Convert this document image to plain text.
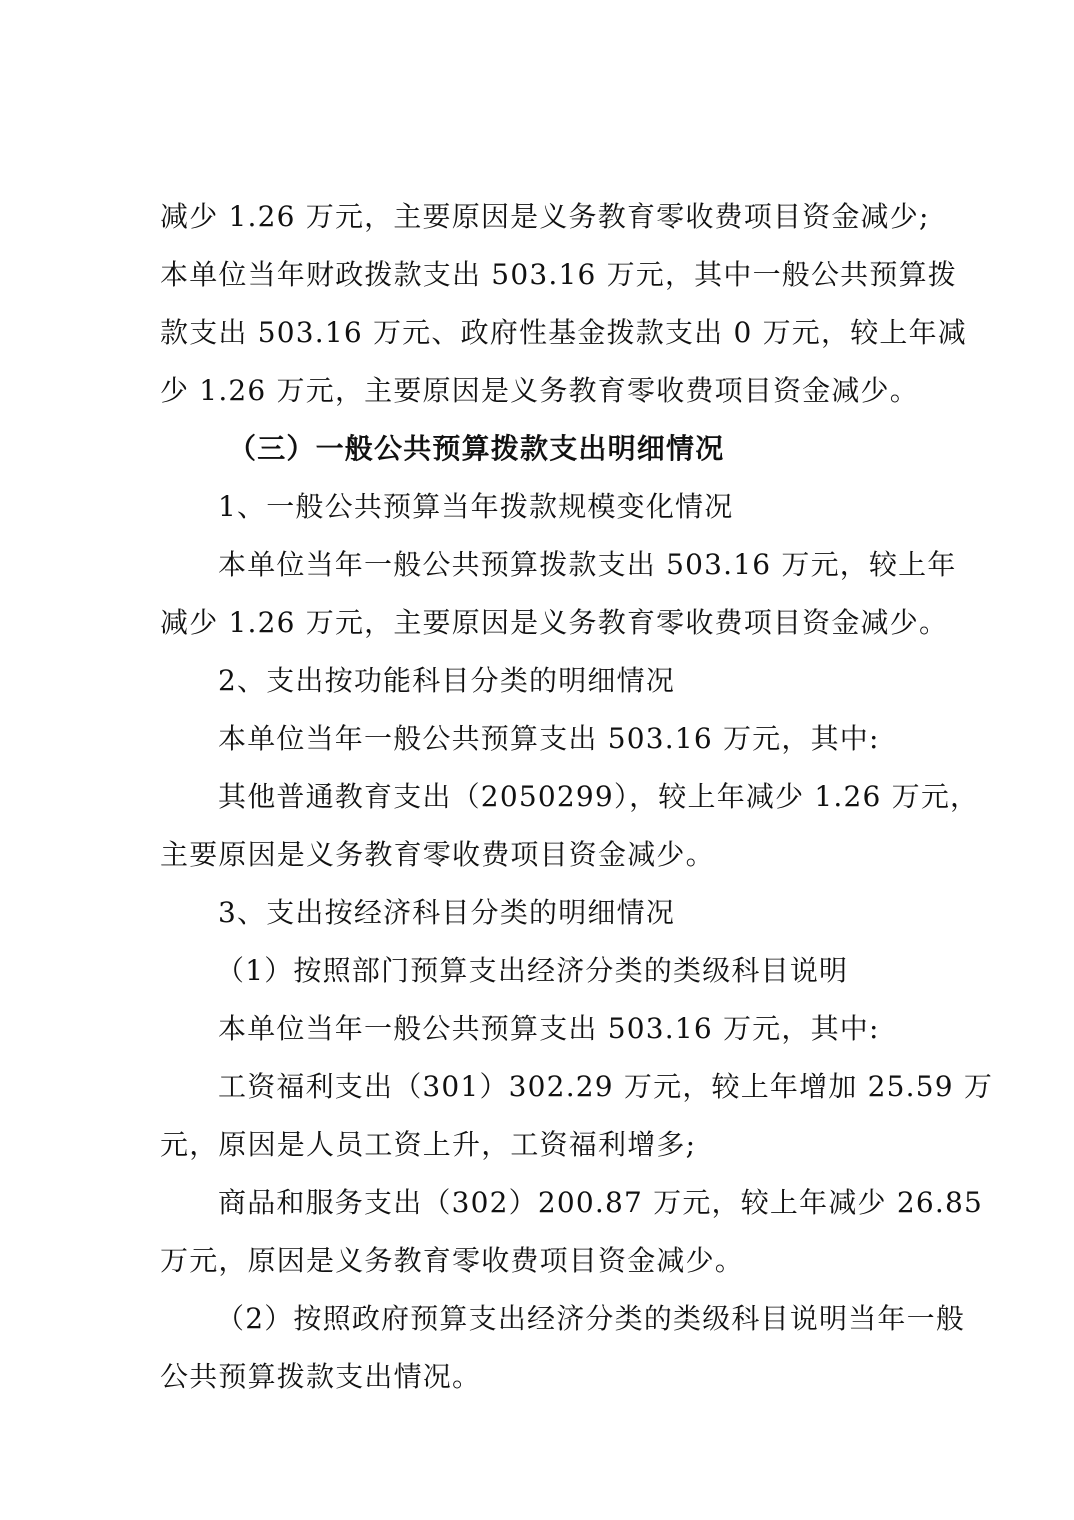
减少 1.26 万元，主要原因是义务教育零收费项目资金减少;
本单位当年财政拨款支出 503.16 万元，其中一般公共预算拨
款支出 503.16 万元、政府性基金拨款支出 0 万元，较上年减
少 1.26 万元，主要原因是义务教育零收费项目资金减少。
（三）一般公共预算拨款支出明细情况
1、一般公共预算当年拨款规模变化情况
本单位当年一般公共预算拨款支出 503.16 万元，较上年
减少 1.26 万元，主要原因是义务教育零收费项目资金减少。
2、支出按功能科目分类的明细情况
本单位当年一般公共预算支出 503.16 万元，其中:
其他普通教育支出（2050299），较上年减少 1.26 万元，
主要原因是义务教育零收费项目资金减少。
3、支出按经济科目分类的明细情况
（1）按照部门预算支出经济分类的类级科目说明
本单位当年一般公共预算支出 503.16 万元，其中:
工资福利支出（301）302.29 万元，较上年增加 25.59 万
元，原因是人员工资上升，工资福利增多;
商品和服务支出（302）200.87 万元，较上年减少 26.85
万元，原因是义务教育零收费项目资金减少。
（2）按照政府预算支出经济分类的类级科目说明当年一般
公共预算拨款支出情况。
